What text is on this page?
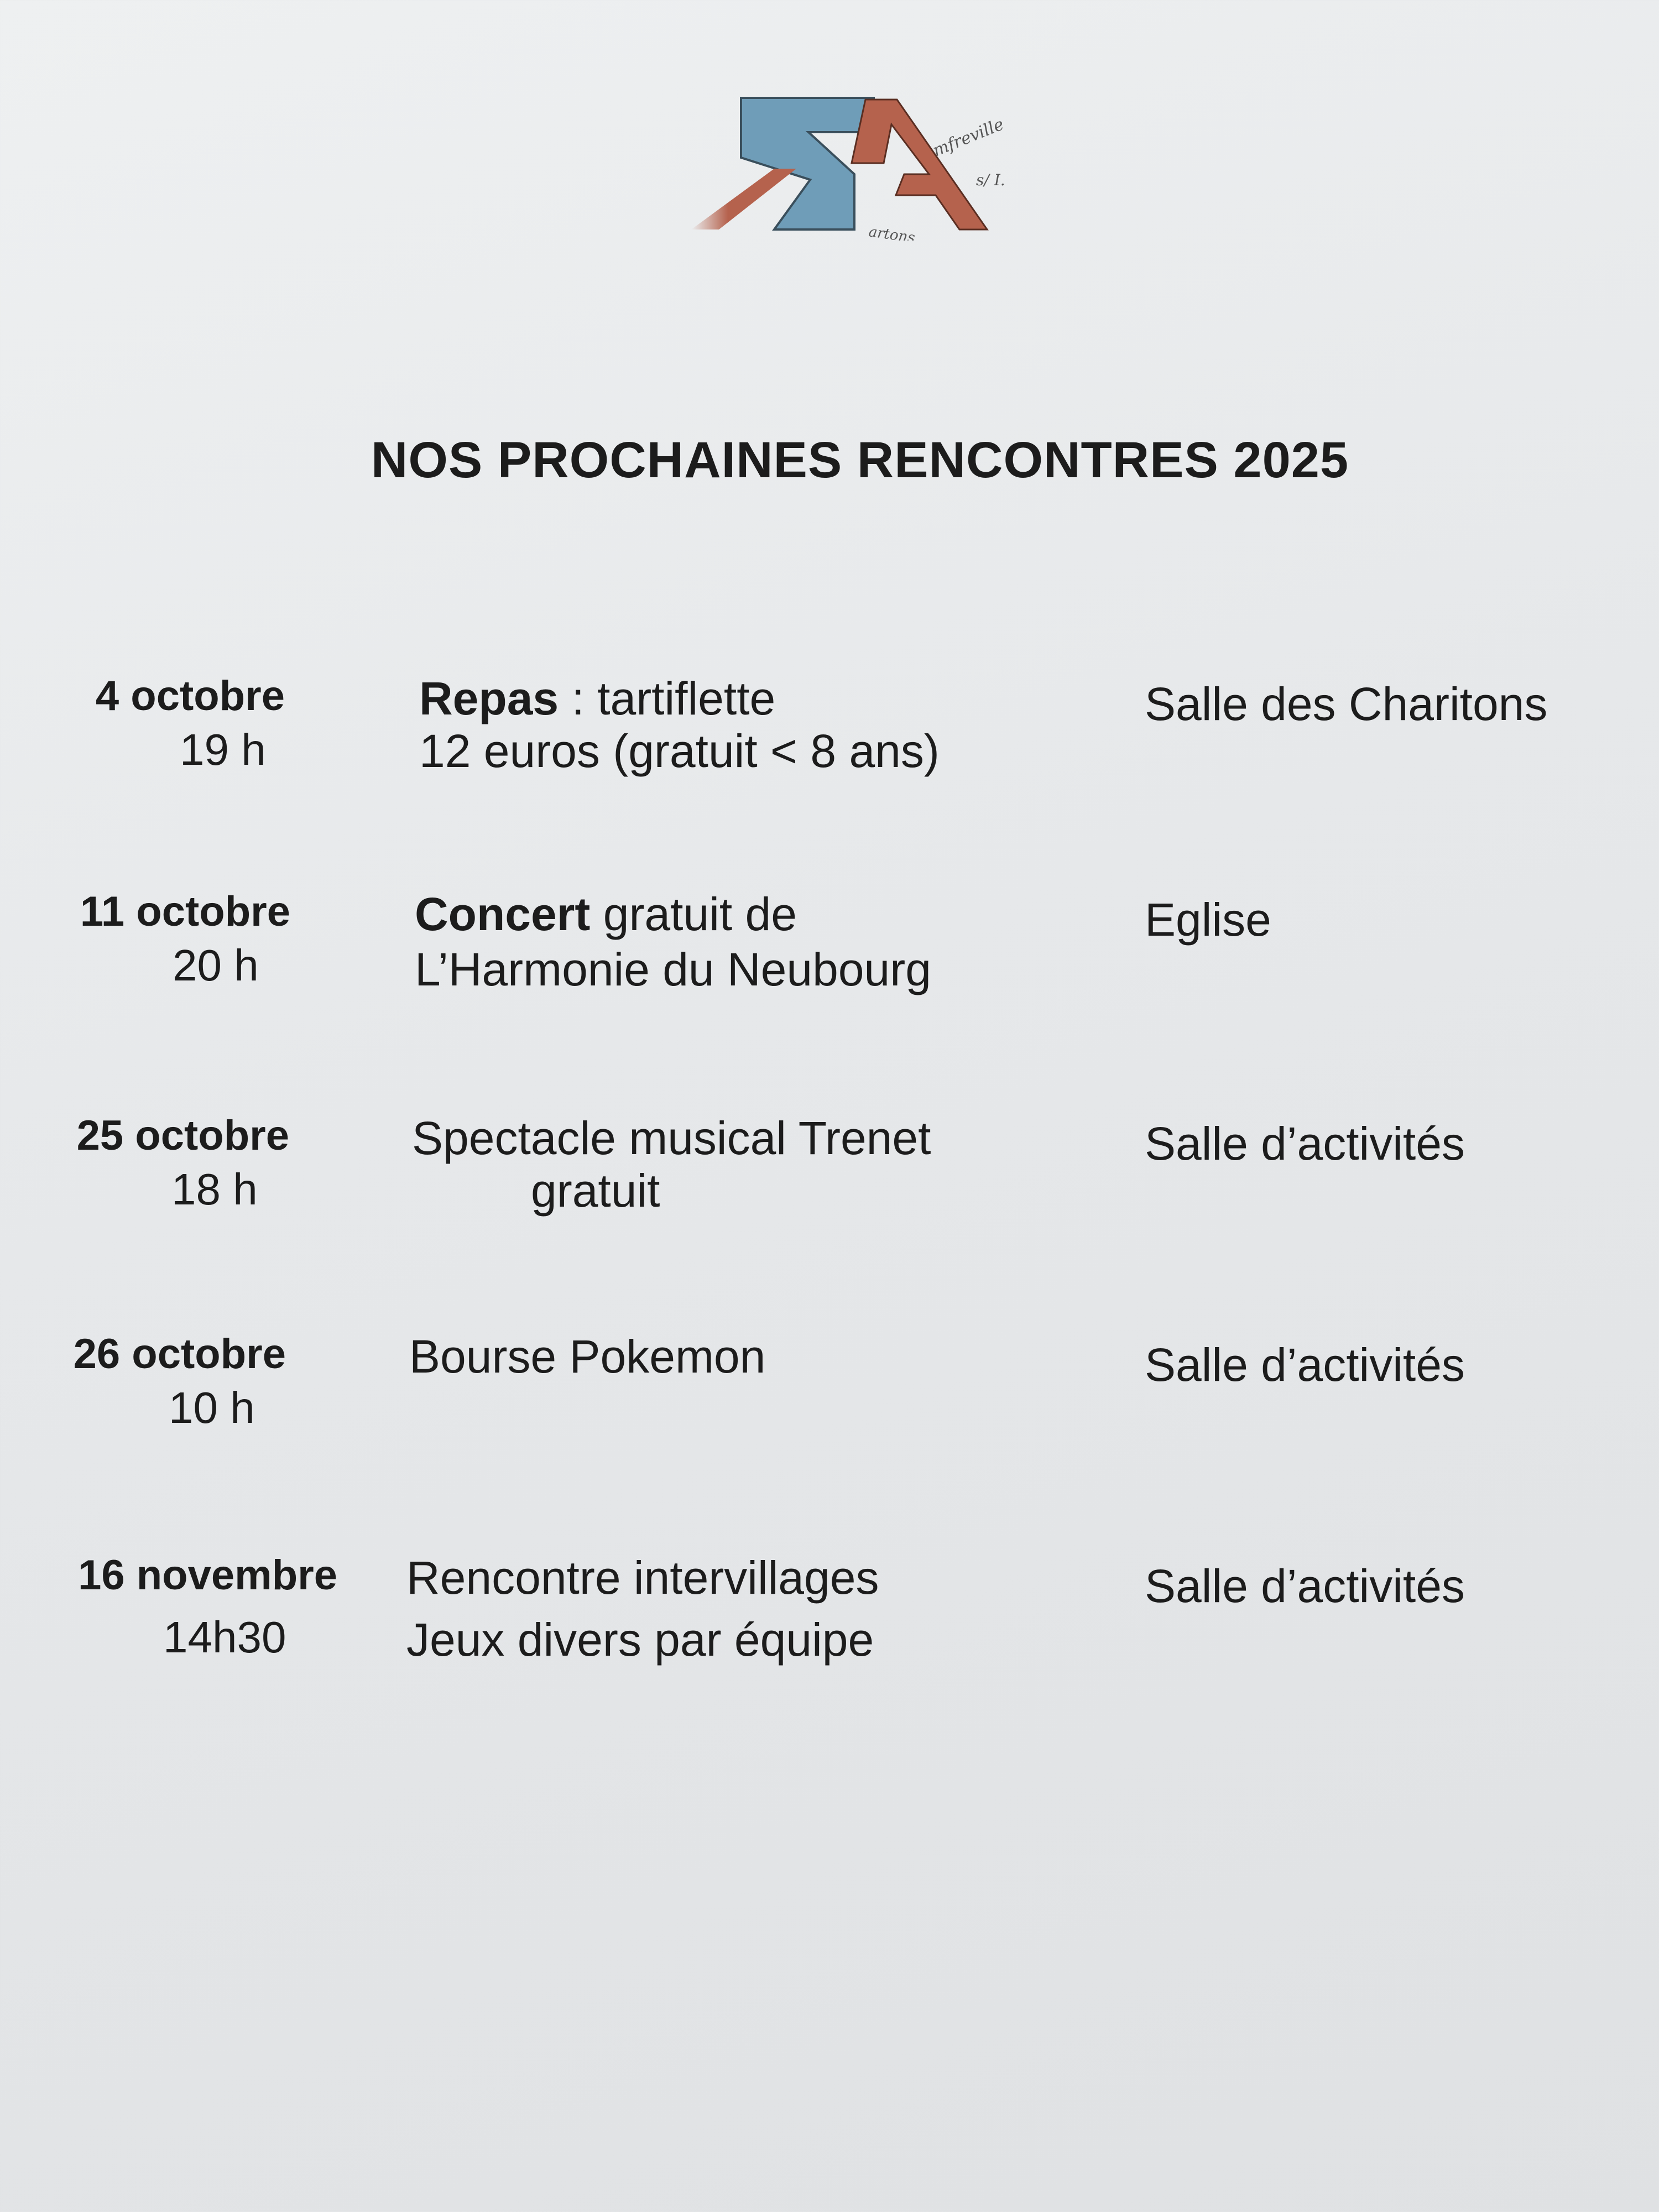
mfreville
s/ I.
artons
NOS PROCHAINES RENCONTRES 2025
4 octobre
19 h
Repas : tartiflette
12 euros (gratuit < 8 ans)
Salle des Charitons
11 octobre
20 h
Concert gratuit de
L’Harmonie du Neubourg
Eglise
25 octobre
18 h
Spectacle musical Trenet
gratuit
Salle d’activités
26 octobre
10 h
Bourse Pokemon	Salle d’activités
16 novembre
14h30
Rencontre intervillages
Jeux divers par équipe
Salle d’activités
